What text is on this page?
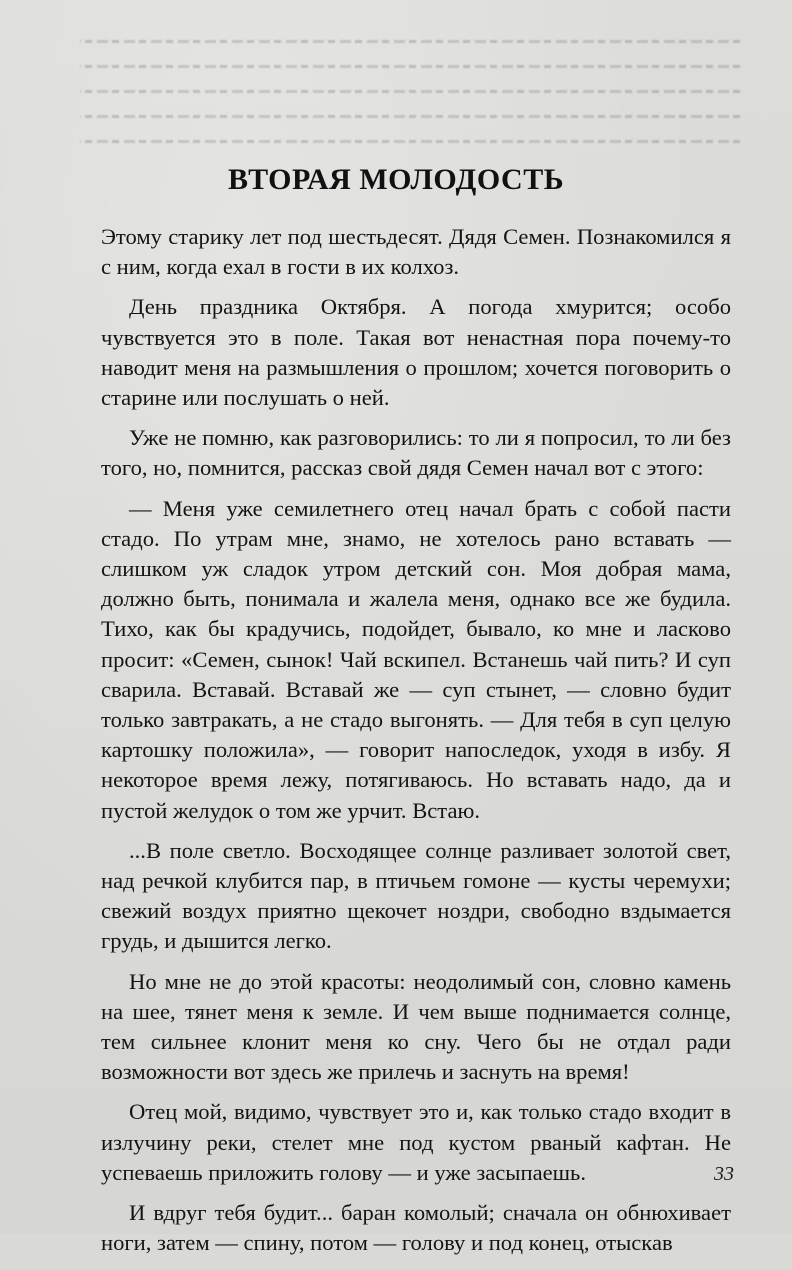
ВТОРАЯ МОЛОДОСТЬ

Этому старику лет под шестьдесят. Дядя Семен. Познакомился я с ним, когда ехал в гости в их колхоз.

День праздника Октября. А погода хмурится; особо чувствуется это в поле. Такая вот ненастная пора почему-то наводит меня на размышления о прошлом; хочется поговорить о старине или послушать о ней.

Уже не помню, как разговорились: то ли я попросил, то ли без того, но, помнится, рассказ свой дядя Семен начал вот с этого:

— Меня уже семилетнего отец начал брать с собой пасти стадо. По утрам мне, знамо, не хотелось рано вставать — слишком уж сладок утром детский сон. Моя добрая мама, должно быть, понимала и жалела меня, однако все же будила. Тихо, как бы крадучись, подойдет, бывало, ко мне и ласково просит: «Семен, сынок! Чай вскипел. Встанешь чай пить? И суп сварила. Вставай. Вставай же — суп стынет, — словно будит только завтракать, а не стадо выгонять. — Для тебя в суп целую картошку положила», — говорит напоследок, уходя в избу. Я некоторое время лежу, потягиваюсь. Но вставать надо, да и пустой желудок о том же урчит. Встаю.

...В поле светло. Восходящее солнце разливает золотой свет, над речкой клубится пар, в птичьем гомоне — кусты черемухи; свежий воздух приятно щекочет ноздри, свободно вздымается грудь, и дышится легко.

Но мне не до этой красоты: неодолимый сон, словно камень на шее, тянет меня к земле. И чем выше поднимается солнце, тем сильнее клонит меня ко сну. Чего бы не отдал ради возможности вот здесь же прилечь и заснуть на время!

Отец мой, видимо, чувствует это и, как только стадо входит в излучину реки, стелет мне под кустом рваный кафтан. Не успеваешь приложить голову — и уже засыпаешь.

И вдруг тебя будит... баран комолый; сначала он обнюхивает ноги, затем — спину, потом — голову и под конец, отыскав

33
